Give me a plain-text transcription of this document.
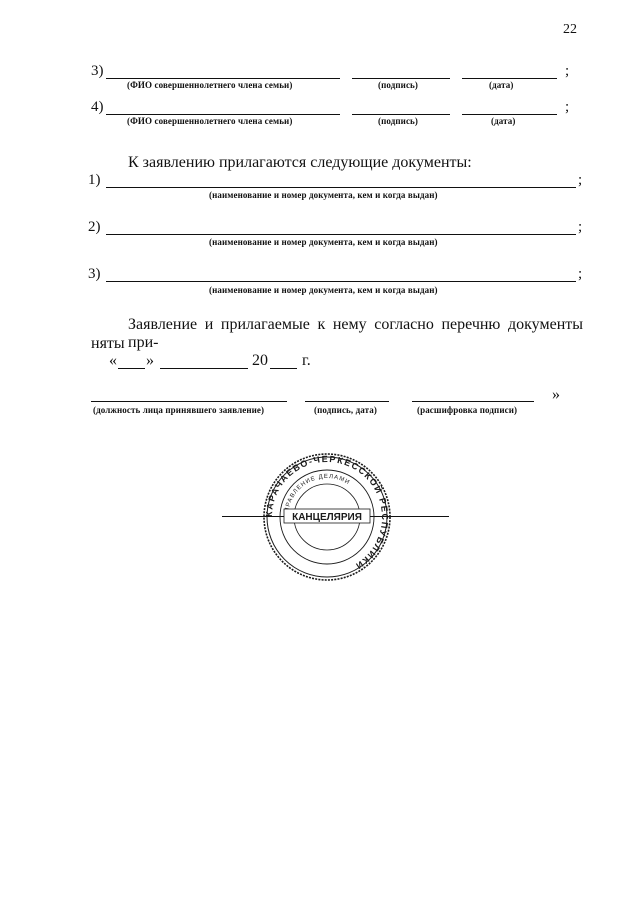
22
3)	;
(ФИО совершеннолетнего члена семьи)	(подпись)	(дата)
4)	;
(ФИО совершеннолетнего члена семьи)	(подпись)	(дата)
К заявлению прилагаются следующие документы:
1)	;
(наименование и номер документа, кем и когда выдан)
2)	;
(наименование и номер документа, кем и когда выдан)
3)	;
(наименование и номер документа, кем и когда выдан)
Заявление и прилагаемые к нему согласно перечню документы при-
няты
« »	20 г.
»
(должность лица принявшего заявление)	(подпись, дата)	(расшифровка подписи)
КАРАЧАЕВО-ЧЕРКЕССКОЙ РЕСПУБЛИКИ
РАВЛЕНИЕ ДЕЛАМИ
КАНЦЕЛЯРИЯ
